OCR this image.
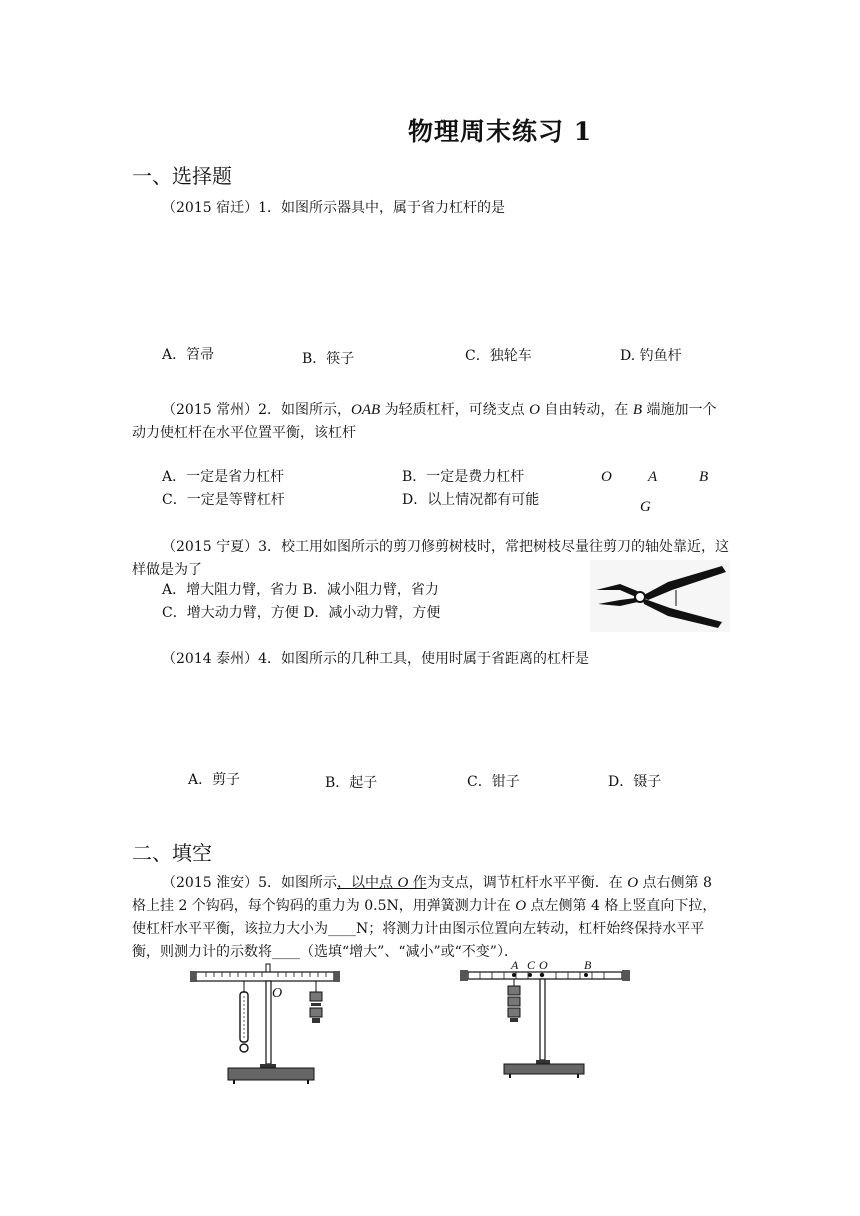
物理周末练习 1
一、选择题
（2015 宿迁）1．如图所示器具中，属于省力杠杆的是
A．笤帚	B．筷子	C．独轮车	D. 钓鱼杆
（2015 常州）2．如图所示，OAB 为轻质杠杆，可绕支点 O 自由转动，在 B 端施加一个动力使杠杆在水平位置平衡，该杠杆
A．一定是省力杠杆	B．一定是费力杠杆
C．一定是等臂杠杆	D．以上情况都有可能
O A	B
G
（2015 宁夏）3．校工用如图所示的剪刀修剪树枝时，常把树枝尽量往剪刀的轴处靠近，这样做是为了
A．增大阻力臂，省力 B．减小阻力臂，省力
C．增大动力臂，方便 D．减小动力臂，方便
（2014 泰州）4．如图所示的几种工具，使用时属于省距离的杠杆是
A．剪子	B．起子	C．钳子	D．镊子
二、填空
（2015 淮安）5．如图所示，以中点 O 作为支点，调节杠杆水平平衡．在 O 点右侧第 8 格上挂 2 个钩码，每个钩码的重力为 0.5N，用弹簧测力计在 O 点左侧第 4 格上竖直向下拉，使杠杆水平平衡，该拉力大小为____N；将测力计由图示位置向左转动，杠杆始终保持水平平衡，则测力计的示数将____（选填“增大”、“减小”或“不变”）．
O
A C O	B
